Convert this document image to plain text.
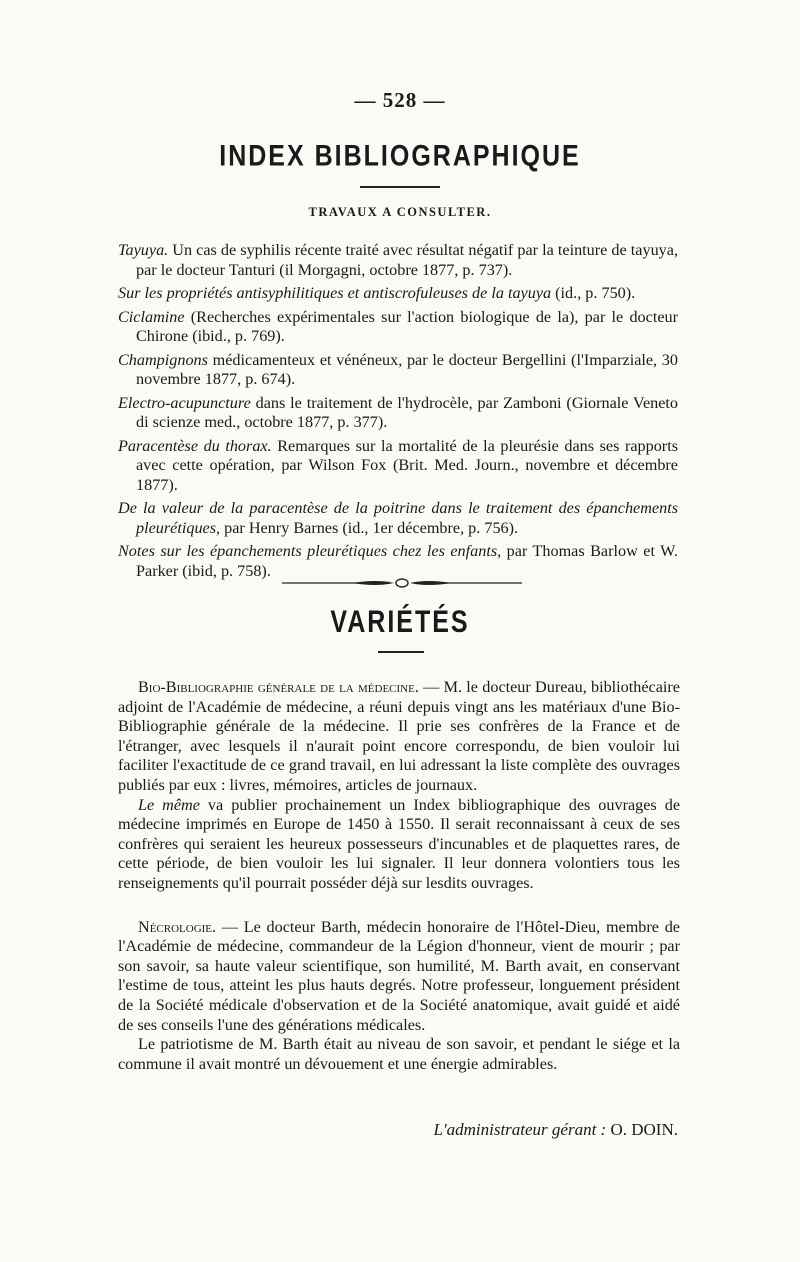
— 528 —
INDEX BIBLIOGRAPHIQUE
TRAVAUX A CONSULTER.

Tayuya. Un cas de syphilis récente traité avec résultat négatif par la teinture de tayuya, par le docteur Tanturi (il Morgagni, octobre 1877, p. 737).

Sur les propriétés antisyphilitiques et antiscrofuleuses de la tayuya (id., p. 750).

Ciclamine (Recherches expérimentales sur l'action biologique de la), par le docteur Chirone (ibid., p. 769).

Champignons médicamenteux et vénéneux, par le docteur Bergellini (l'Imparziale, 30 novembre 1877, p. 674).

Electro-acupuncture dans le traitement de l'hydrocèle, par Zamboni (Giornale Veneto di scienze med., octobre 1877, p. 377).

Paracentèse du thorax. Remarques sur la mortalité de la pleurésie dans ses rapports avec cette opération, par Wilson Fox (Brit. Med. Journ., novembre et décembre 1877).

De la valeur de la paracentèse de la poitrine dans le traitement des épanchements pleurétiques, par Henry Barnes (id., 1er décembre, p. 756).

Notes sur les épanchements pleurétiques chez les enfants, par Thomas Barlow et W. Parker (ibid, p. 758).

VARIÉTÉS

Bio-Bibliographie générale de la médecine. — M. le docteur Dureau, bibliothécaire adjoint de l'Académie de médecine, a réuni depuis vingt ans les matériaux d'une Bio-Bibliographie générale de la médecine. Il prie ses confrères de la France et de l'étranger, avec lesquels il n'aurait point encore correspondu, de bien vouloir lui faciliter l'exactitude de ce grand travail, en lui adressant la liste complète des ouvrages publiés par eux : livres, mémoires, articles de journaux.

Le même va publier prochainement un Index bibliographique des ouvrages de médecine imprimés en Europe de 1450 à 1550. Il serait reconnaissant à ceux de ses confrères qui seraient les heureux possesseurs d'incunables et de plaquettes rares, de cette période, de bien vouloir les lui signaler. Il leur donnera volontiers tous les renseignements qu'il pourrait posséder déjà sur lesdits ouvrages.

Nécrologie. — Le docteur Barth, médecin honoraire de l'Hôtel-Dieu, membre de l'Académie de médecine, commandeur de la Légion d'honneur, vient de mourir ; par son savoir, sa haute valeur scientifique, son humilité, M. Barth avait, en conservant l'estime de tous, atteint les plus hauts degrés. Notre professeur, longuement président de la Société médicale d'observation et de la Société anatomique, avait guidé et aidé de ses conseils l'une des générations médicales.

Le patriotisme de M. Barth était au niveau de son savoir, et pendant le siége et la commune il avait montré un dévouement et une énergie admirables.

L'administrateur gérant : O. DOIN.
